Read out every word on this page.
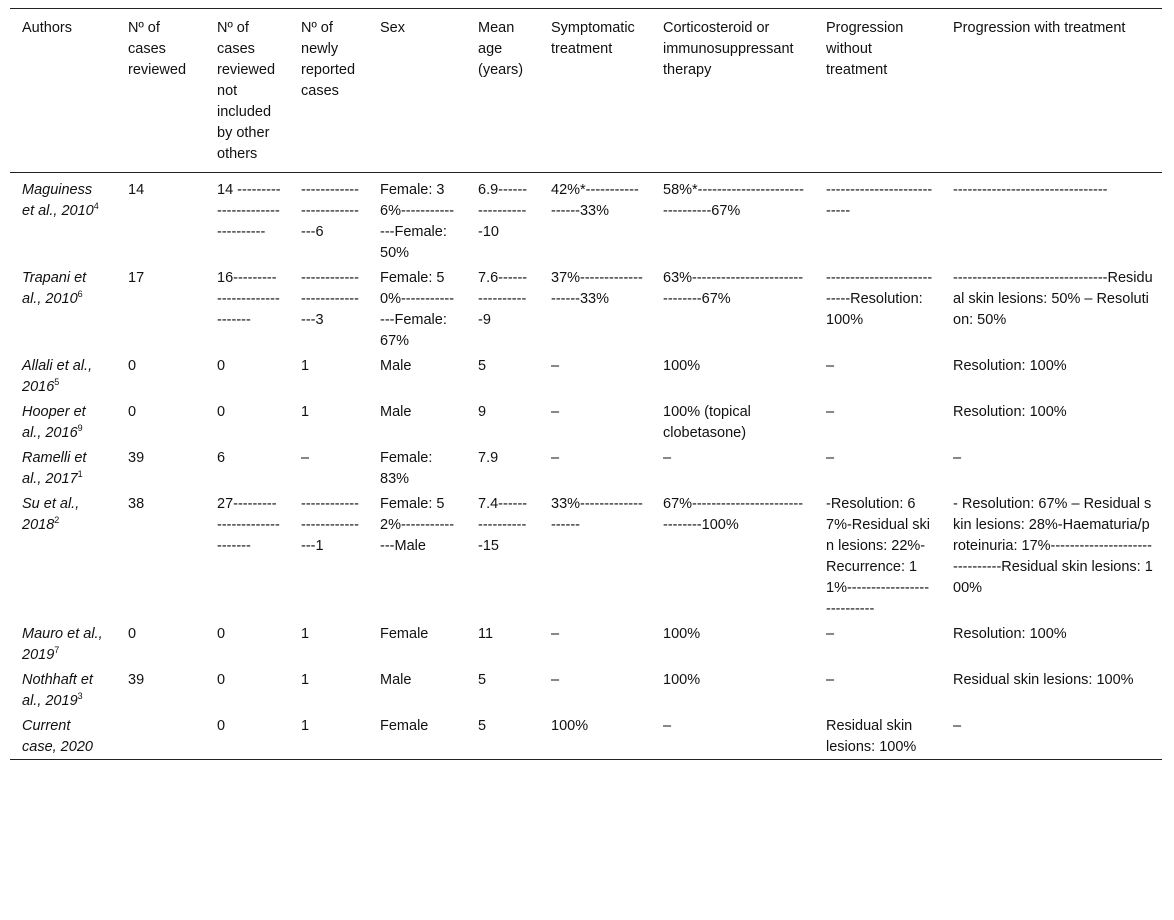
Authors	Nº of cases reviewed	Nº of cases reviewed not included by other others	Nº of newly reported cases	Sex	Mean age (years)	Symptomatic treatment	Corticosteroid or immunosuppressant therapy	Progression without treatment	Progression with treatment
Maguiness et al., 2010$^4$	14	14 --------------------------------	---------------------------6	Female: 36%--------------Female: 50%	6.9-----------------10	42%*-----------------33%	58%*--------------------------------67%	---------------------------	--------------------------------
Trapani et al., 2010$^6$	17	16-----------------------------	---------------------------3	Female: 50%--------------Female: 67%	7.6-----------------9	37%-------------------33%	63%-------------------------------67%	---------------------------Resolution: 100%	--------------------------------Residual skin lesions: 50% – Resolution: 50%
Allali et al., 2016$^5$	0	0	1	Male	5	–	100%	–	Resolution: 100%
Hooper et al., 2016$^9$	0	0	1	Male	9	–	100% (topical clobetasone)	–	Resolution: 100%
Ramelli et al., 2017$^1$	39	6	–	Female: 83%	7.9	–	–	–	–
Su et al., 2018$^2$	38	27-----------------------------	---------------------------1	Female: 52%--------------Male	7.4-----------------15	33%-------------------	67%-------------------------------100%	-Resolution: 67%-Residual skin lesions: 22%-Recurrence: 11%---------------------------	- Resolution: 67% – Residual skin lesions: 28%-Haematuria/proteinuria: 17%-------------------------------Residual skin lesions: 100%
Mauro et al., 2019$^7$	0	0	1	Female	11	–	100%	–	Resolution: 100%
Nothhaft et al., 2019$^3$	39	0	1	Male	5	–	100%	–	Residual skin lesions: 100%
Current case, 2020		0	1	Female	5	100%	–	Residual skin lesions: 100%	–
